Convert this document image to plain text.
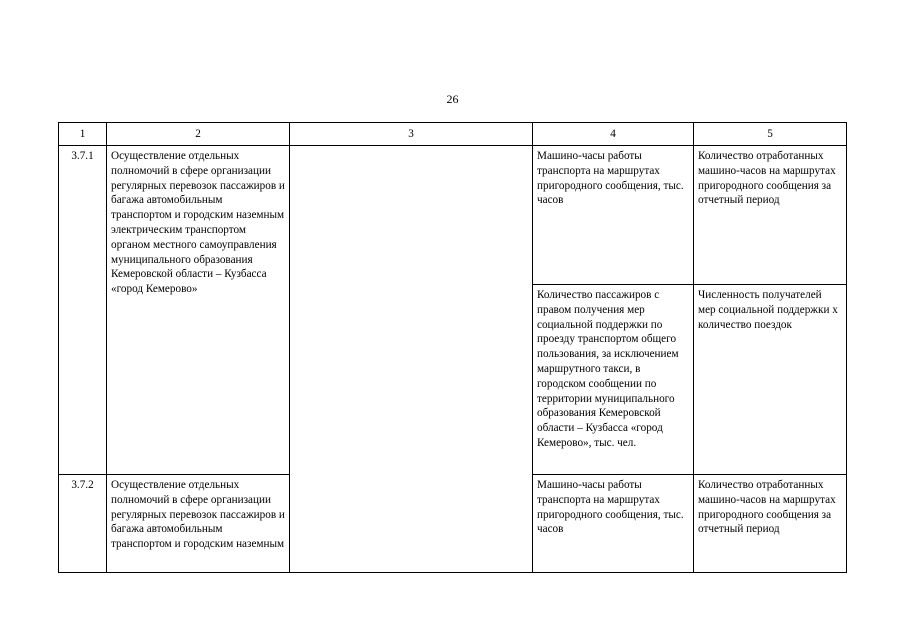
26
1	2	3	4	5
3.7.1	Осуществление отдельных полномочий в сфере организации регулярных перевозок пассажиров и багажа автомобильным транспортом и городским наземным электрическим транспортом органом местного самоуправления муниципального образования Кемеровской области – Кузбасса «город Кемерово»		Машино-часы работы транспорта на маршрутах пригородного сообщения, тыс. часов	Количество отработанных машино-часов на маршрутах пригородного сообщения за отчетный период
			Количество пассажиров с правом получения мер социальной поддержки по проезду транспортом общего пользования, за исключением маршрутного такси, в городском сообщении по территории муниципального образования Кемеровской области – Кузбасса «город Кемерово», тыс. чел.	Численность получателей мер социальной поддержки х количество поездок
3.7.2	Осуществление отдельных полномочий в сфере организации регулярных перевозок пассажиров и багажа автомобильным транспортом и городским наземным		Машино-часы работы транспорта на маршрутах пригородного сообщения, тыс. часов	Количество отработанных машино-часов на маршрутах пригородного сообщения за отчетный период
